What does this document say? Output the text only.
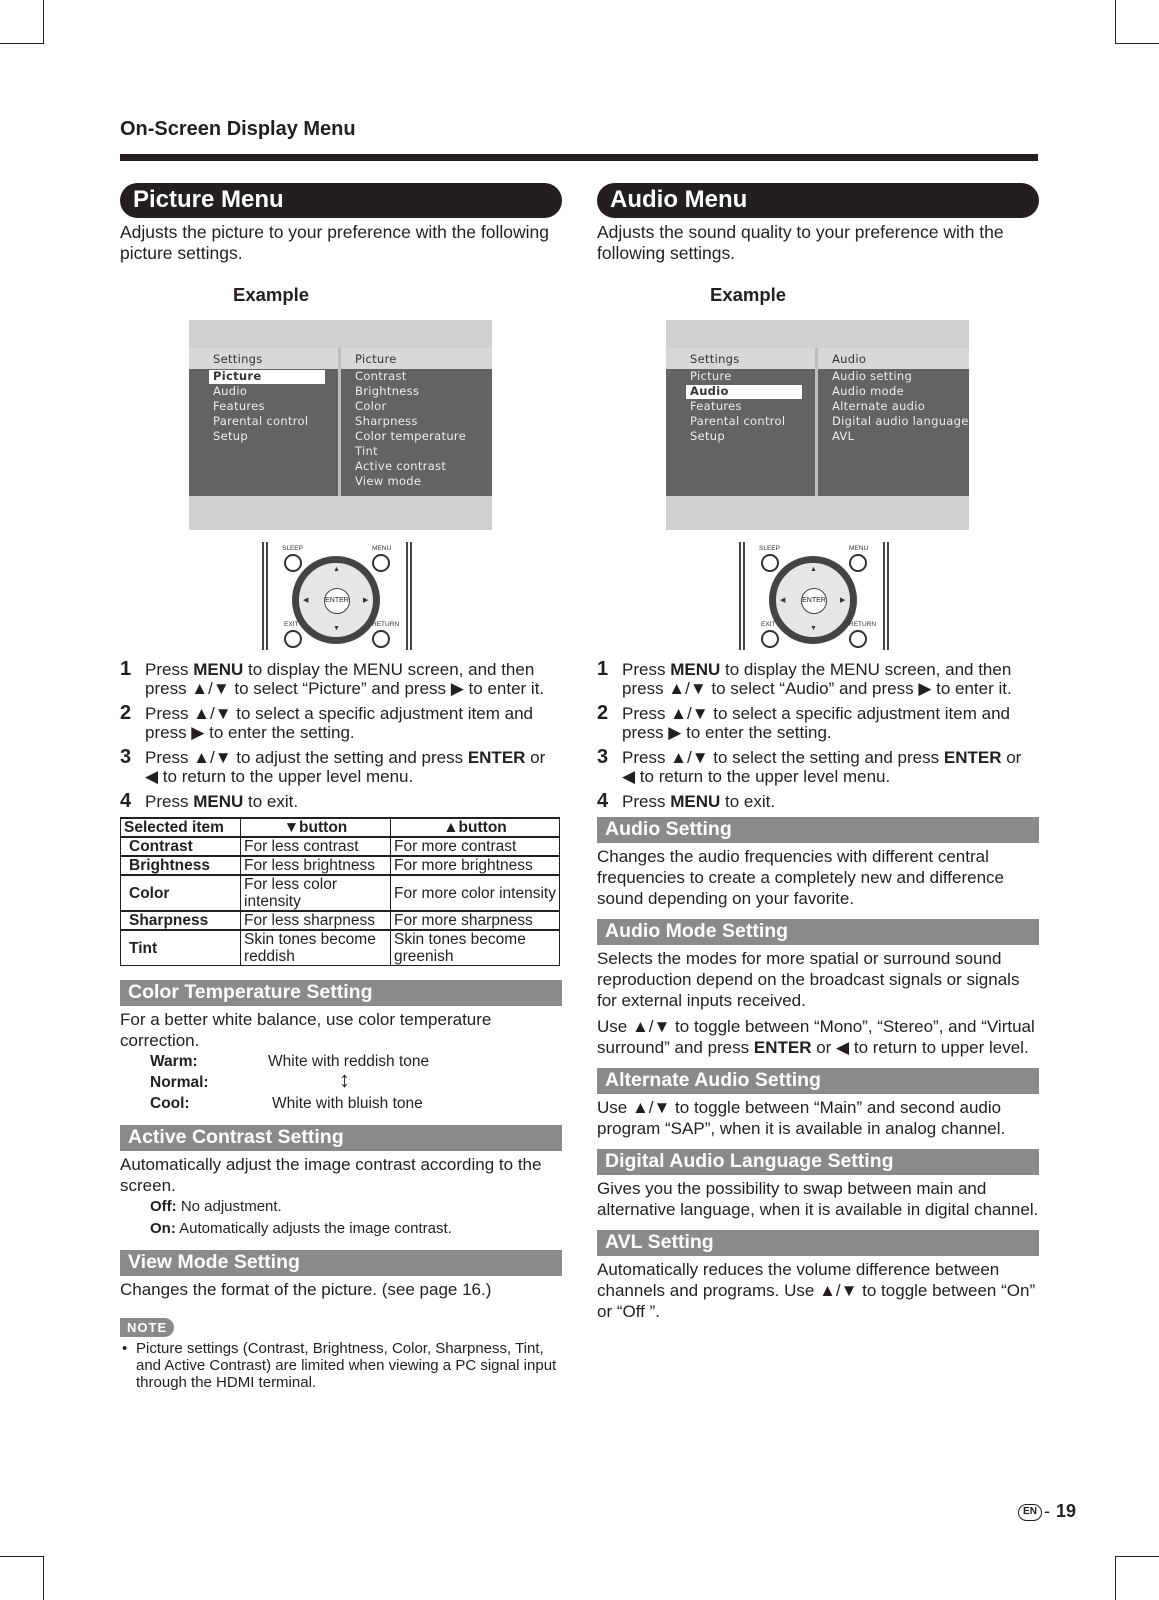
On-Screen Display Menu
Picture Menu
Adjusts the picture to your preference with the following picture settings.
Example
Settings	Picture
Picture
Audio
Features
Parental control
Setup
Contrast
Brightness
Color
Sharpness
Color temperature
Tint
Active contrast
View mode
ENTER
▲
▼
◀	▶
SLEEP	MENU
EXIT	RETURN
1 Press MENU to display the MENU screen, and then press ▲/▼ to select “Picture” and press ▶ to enter it.
2 Press ▲/▼ to select a specific adjustment item and press ▶ to enter the setting.
3 Press ▲/▼ to adjust the setting and press ENTER or ◀ to return to the upper level menu.
4 Press MENU to exit.
Selected item	▼button	▲button
Contrast	For less contrast	For more contrast
Brightness	For less brightness	For more brightness
Color	For less color intensity	For more color intensity
Sharpness	For less sharpness	For more sharpness
Tint	Skin tones become reddish	Skin tones become greenish
Color Temperature Setting
For a better white balance, use color temperature correction.
Warm:	White with reddish tone
Normal:	↕
Cool:	White with bluish tone
Active Contrast Setting
Automatically adjust the image contrast according to the screen.
Off: No adjustment.
On: Automatically adjusts the image contrast.
View Mode Setting
Changes the format of the picture. (see page 16.)
NOTE
• Picture settings (Contrast, Brightness, Color, Sharpness, Tint, and Active Contrast) are limited when viewing a PC signal input through the HDMI terminal.
Audio Menu
Adjusts the sound quality to your preference with the following settings.
Example
Settings	Audio
Picture
Audio
Features
Parental control
Setup
Audio setting
Audio mode
Alternate audio
Digital audio language
AVL
ENTER
▲
▼
◀	▶
SLEEP	MENU
EXIT	RETURN
1 Press MENU to display the MENU screen, and then press ▲/▼ to select “Audio” and press ▶ to enter it.
2 Press ▲/▼ to select a specific adjustment item and press ▶ to enter the setting.
3 Press ▲/▼ to select the setting and press ENTER or ◀ to return to the upper level menu.
4 Press MENU to exit.
Audio Setting
Changes the audio frequencies with different central frequencies to create a completely new and difference sound depending on your favorite.
Audio Mode Setting
Selects the modes for more spatial or surround sound reproduction depend on the broadcast signals or signals for external inputs received.
Use ▲/▼ to toggle between “Mono”, “Stereo”, and “Virtual surround” and press ENTER or ◀ to return to upper level.
Alternate Audio Setting
Use ▲/▼ to toggle between “Main” and second audio program “SAP”, when it is available in analog channel.
Digital Audio Language Setting
Gives you the possibility to swap between main and alternative language, when it is available in digital channel.
AVL Setting
Automatically reduces the volume difference between channels and programs. Use ▲/▼ to toggle between “On” or “Off ”.
EN - 19
